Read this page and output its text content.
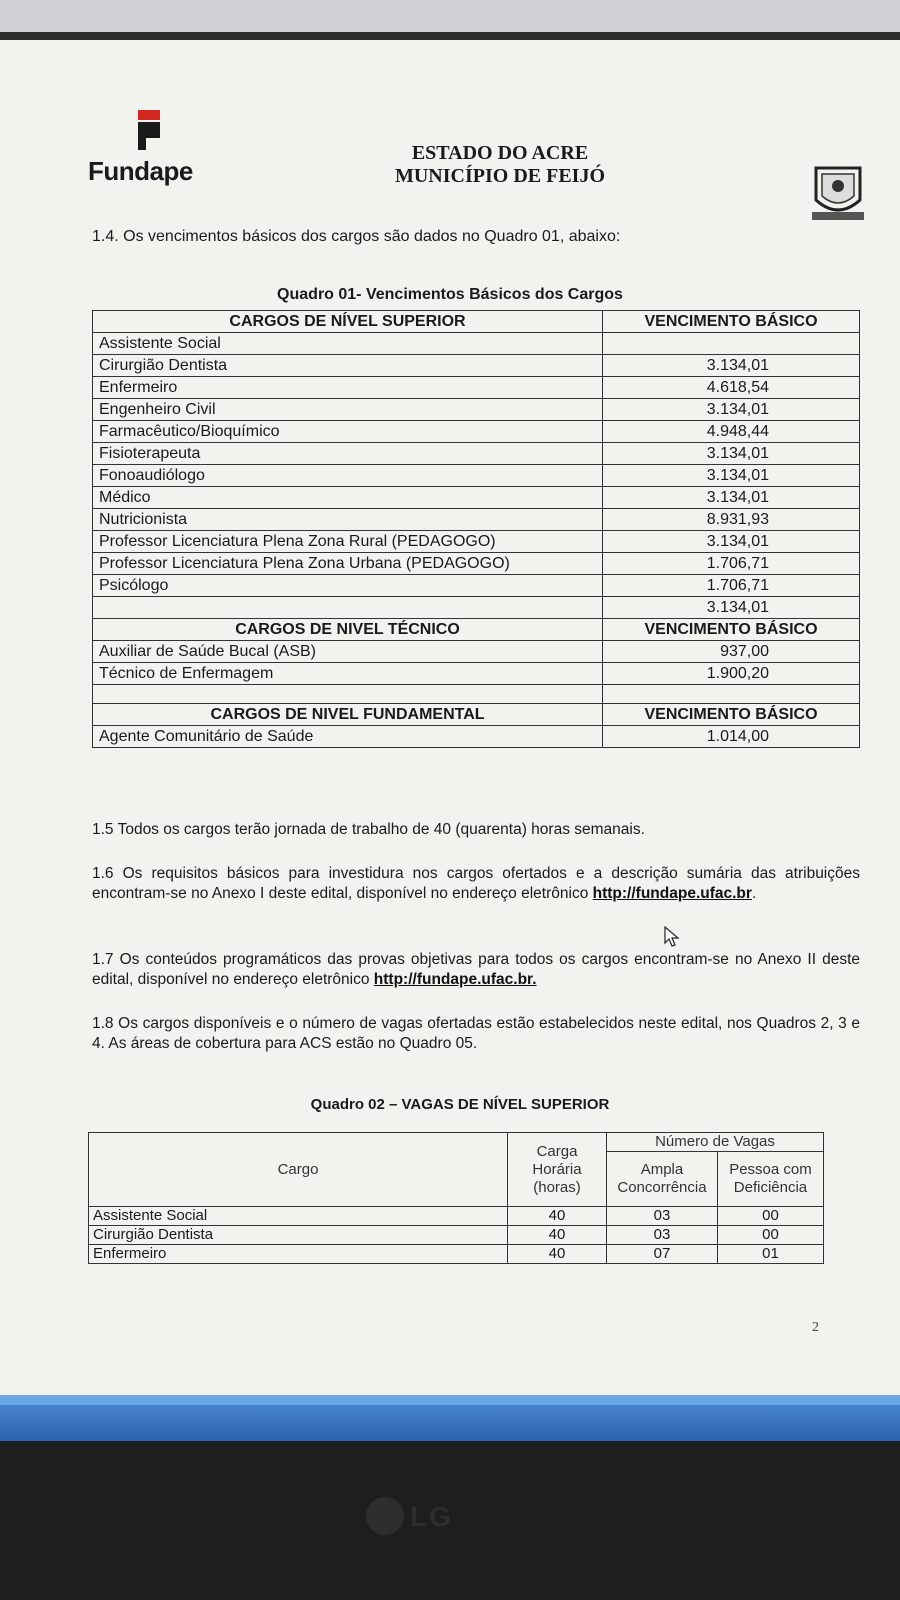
Fundape
ESTADO DO ACRE
MUNICÍPIO DE FEIJÓ
1.4. Os vencimentos básicos dos cargos são dados no Quadro 01, abaixo:
Quadro 01- Vencimentos Básicos dos Cargos
CARGOS DE NÍVEL SUPERIOR	VENCIMENTO BÁSICO
Assistente Social	
Cirurgião Dentista	3.134,01
Enfermeiro	4.618,54
Engenheiro Civil	3.134,01
Farmacêutico/Bioquímico	4.948,44
Fisioterapeuta	3.134,01
Fonoaudiólogo	3.134,01
Médico	3.134,01
Nutricionista	8.931,93
Professor Licenciatura Plena Zona Rural (PEDAGOGO)	3.134,01
Professor Licenciatura Plena Zona Urbana (PEDAGOGO)	1.706,71
Psicólogo	1.706,71
	3.134,01
CARGOS DE NIVEL TÉCNICO	VENCIMENTO BÁSICO
Auxiliar de Saúde Bucal (ASB)	937,00
Técnico de Enfermagem	1.900,20

CARGOS DE NIVEL FUNDAMENTAL	VENCIMENTO BÁSICO
Agente Comunitário de Saúde	1.014,00
1.5 Todos os cargos terão jornada de trabalho de 40 (quarenta) horas semanais.
1.6 Os requisitos básicos para investidura nos cargos ofertados e a descrição sumária das atribuições encontram-se no Anexo I deste edital, disponível no endereço eletrônico http://fundape.ufac.br.
1.7 Os conteúdos programáticos das provas objetivas para todos os cargos encontram-se no Anexo II deste edital, disponível no endereço eletrônico http://fundape.ufac.br.
1.8 Os cargos disponíveis e o número de vagas ofertadas estão estabelecidos neste edital, nos Quadros 2, 3 e 4. As áreas de cobertura para ACS estão no Quadro 05.
Quadro 02 – VAGAS DE NÍVEL SUPERIOR
Cargo	Carga Horária (horas)	Número de Vagas	
		Ampla Concorrência	Pessoa com Deficiência
Assistente Social	40	03	00
Cirurgião Dentista	40	03	00
Enfermeiro	40	07	01
2
LG
